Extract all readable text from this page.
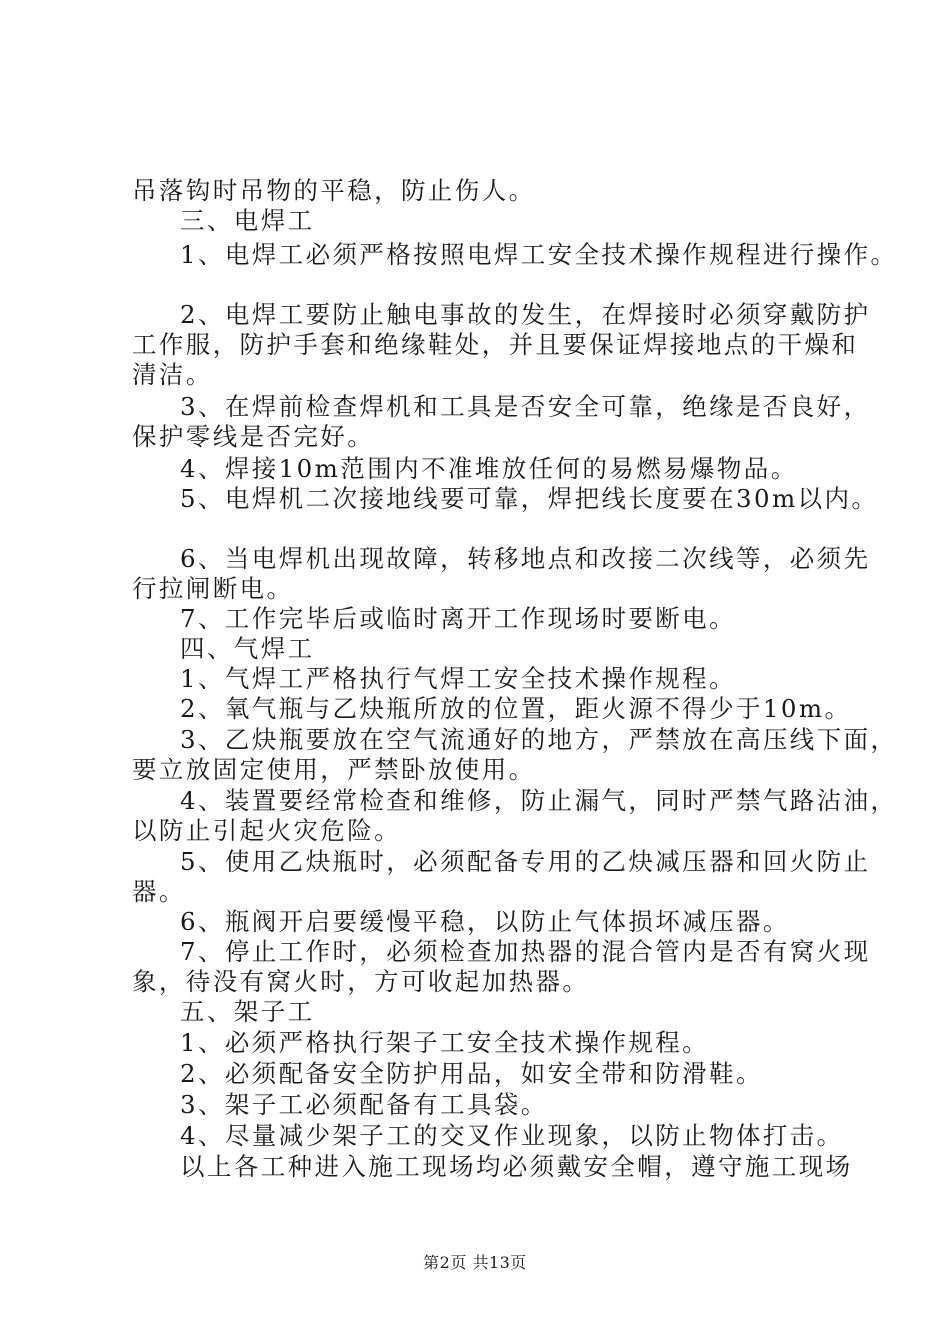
吊落钩时吊物的平稳，防止伤人。
三、电焊工
1、电焊工必须严格按照电焊工安全技术操作规程进行操作。
2、电焊工要防止触电事故的发生，在焊接时必须穿戴防护
工作服，防护手套和绝缘鞋处，并且要保证焊接地点的干燥和
清洁。
3、在焊前检查焊机和工具是否安全可靠，绝缘是否良好，
保护零线是否完好。
4、焊接10m范围内不准堆放任何的易燃易爆物品。
5、电焊机二次接地线要可靠，焊把线长度要在30m以内。
6、当电焊机出现故障，转移地点和改接二次线等，必须先
行拉闸断电。
7、工作完毕后或临时离开工作现场时要断电。
四、气焊工
1、气焊工严格执行气焊工安全技术操作规程。
2、氧气瓶与乙炔瓶所放的位置，距火源不得少于10m。
3、乙炔瓶要放在空气流通好的地方，严禁放在高压线下面，
要立放固定使用，严禁卧放使用。
4、装置要经常检查和维修，防止漏气，同时严禁气路沾油，
以防止引起火灾危险。
5、使用乙炔瓶时，必须配备专用的乙炔减压器和回火防止
器。
6、瓶阀开启要缓慢平稳，以防止气体损坏减压器。
7、停止工作时，必须检查加热器的混合管内是否有窝火现
象，待没有窝火时，方可收起加热器。
五、架子工
1、必须严格执行架子工安全技术操作规程。
2、必须配备安全防护用品，如安全带和防滑鞋。
3、架子工必须配备有工具袋。
4、尽量减少架子工的交叉作业现象，以防止物体打击。
以上各工种进入施工现场均必须戴安全帽，遵守施工现场
第2页 共13页
